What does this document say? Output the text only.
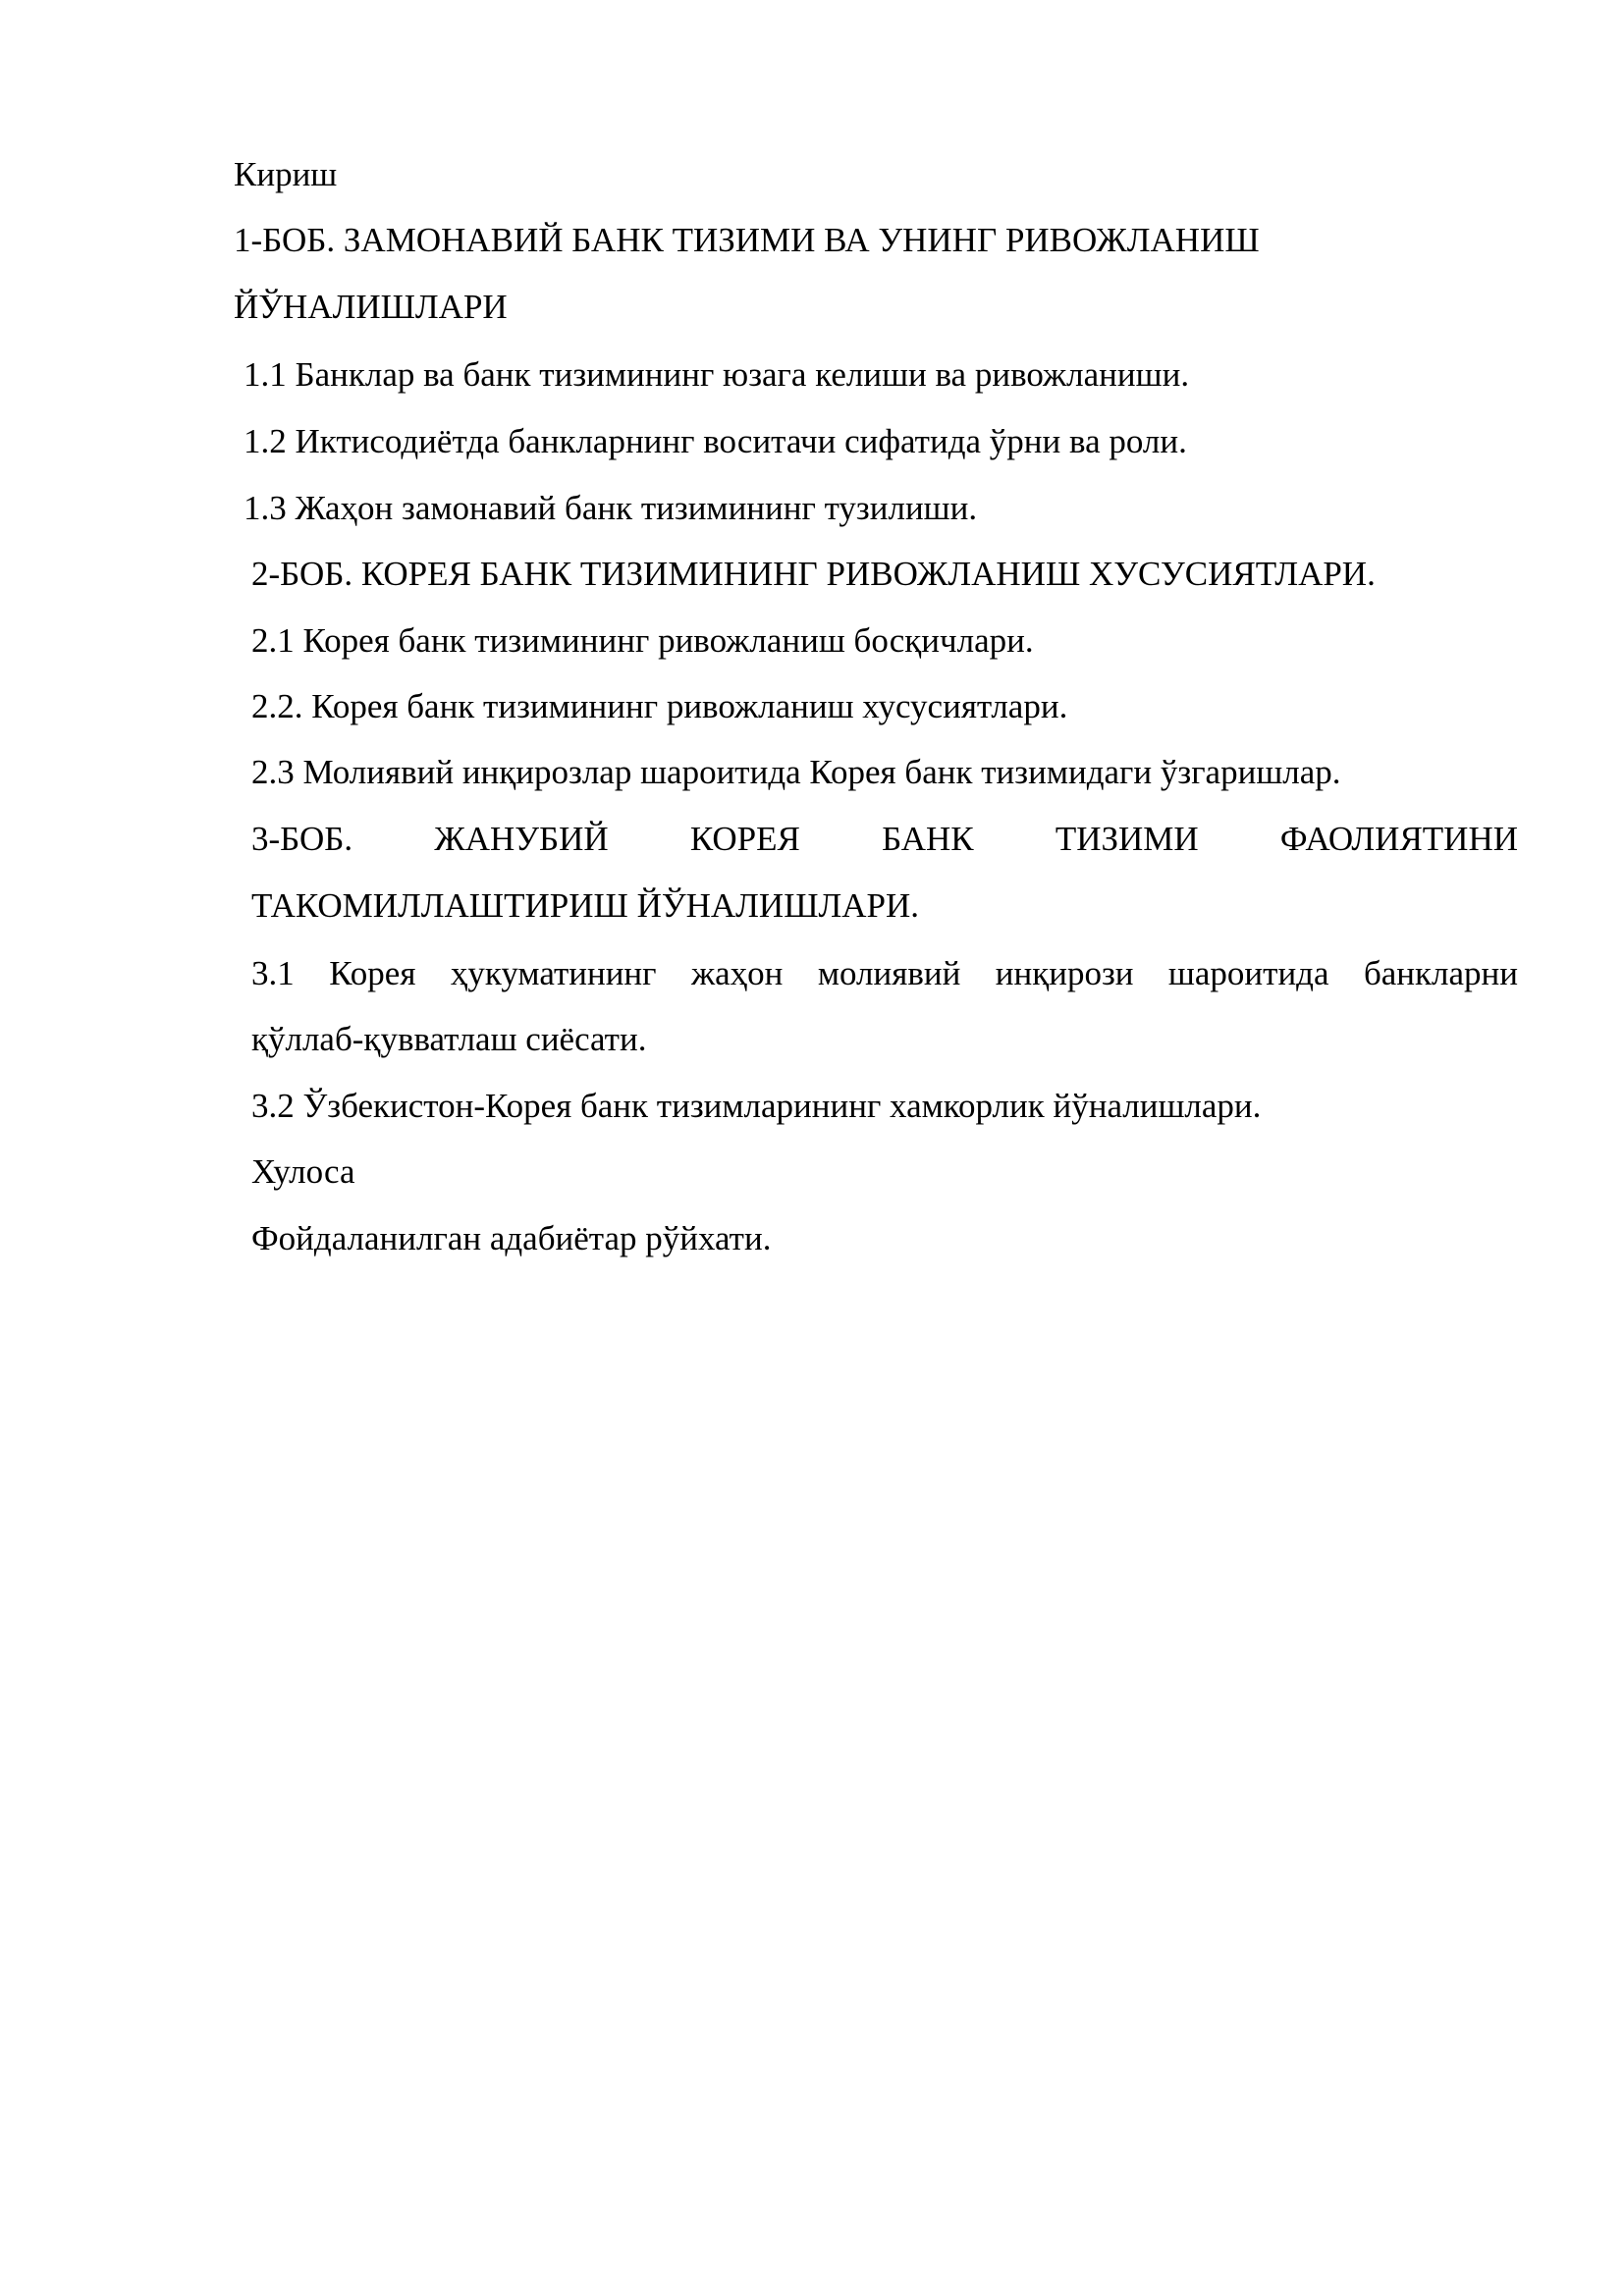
Кириш

1-БОБ. ЗАМОНАВИЙ БАНК ТИЗИМИ ВА УНИНГ РИВОЖЛАНИШ

ЙЎНАЛИШЛАРИ

1.1 Банклар ва банк тизимининг юзага келиши ва ривожланиши.

1.2 Иктисодиётда банкларнинг воситачи сифатида ўрни ва роли.

1.3 Жаҳон замонавий банк тизимининг тузилиши.

2-БОБ. КОРЕЯ БАНК ТИЗИМИНИНГ РИВОЖЛАНИШ ХУСУСИЯТЛАРИ.

2.1 Корея банк тизимининг ривожланиш босқичлари.

2.2. Корея банк тизимининг ривожланиш хусусиятлари.

2.3 Молиявий инқирозлар шароитида Корея банк тизимидаги ўзгаришлар.

3-БОБ. ЖАНУБИЙ КОРЕЯ БАНК ТИЗИМИ ФАОЛИЯТИНИ

ТАКОМИЛЛАШТИРИШ ЙЎНАЛИШЛАРИ.

3.1 Корея ҳукуматининг жаҳон молиявий инқирози шароитида банкларни

қўллаб-қувватлаш сиёсати.

3.2 Ўзбекистон-Корея банк тизимларининг хамкорлик йўналишлари.

Хулоса

Фойдаланилган адабиётар рўйхати.
